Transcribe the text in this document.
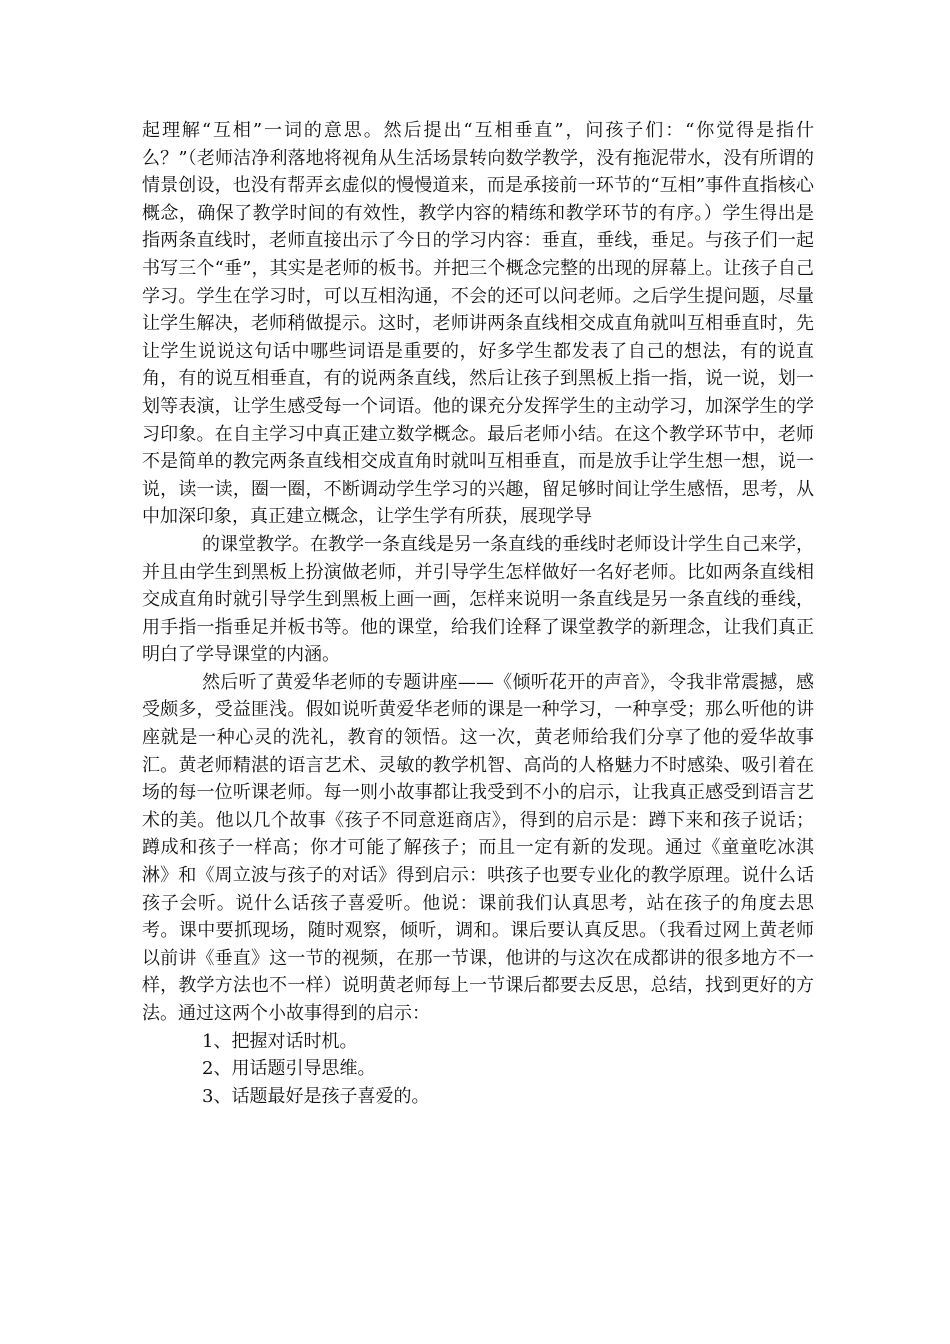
起理解“互相”一词的意思。然后提出“互相垂直”，问孩子们：“你觉得是指什么？”（老师洁净利落地将视角从生活场景转向数学教学，没有拖泥带水，没有所谓的情景创设，也没有帮弄玄虚似的慢慢道来，而是承接前一环节的“互相”事件直指核心概念，确保了教学时间的有效性，教学内容的精练和教学环节的有序。）学生得出是指两条直线时，老师直接出示了今日的学习内容：垂直，垂线，垂足。与孩子们一起书写三个“垂”，其实是老师的板书。并把三个概念完整的出现的屏幕上。让孩子自己学习。学生在学习时，可以互相沟通，不会的还可以问老师。之后学生提问题，尽量让学生解决，老师稍做提示。这时，老师讲两条直线相交成直角就叫互相垂直时，先让学生说说这句话中哪些词语是重要的，好多学生都发表了自己的想法，有的说直角，有的说互相垂直，有的说两条直线，然后让孩子到黑板上指一指，说一说，划一划等表演，让学生感受每一个词语。他的课充分发挥学生的主动学习，加深学生的学习印象。在自主学习中真正建立数学概念。最后老师小结。在这个教学环节中，老师不是简单的教完两条直线相交成直角时就叫互相垂直，而是放手让学生想一想，说一说，读一读，圈一圈，不断调动学生学习的兴趣，留足够时间让学生感悟，思考，从中加深印象，真正建立概念，让学生学有所获，展现学导

的课堂教学。在教学一条直线是另一条直线的垂线时老师设计学生自己来学，并且由学生到黑板上扮演做老师，并引导学生怎样做好一名好老师。比如两条直线相交成直角时就引导学生到黑板上画一画，怎样来说明一条直线是另一条直线的垂线，用手指一指垂足并板书等。他的课堂，给我们诠释了课堂教学的新理念，让我们真正明白了学导课堂的内涵。

然后听了黄爱华老师的专题讲座——《倾听花开的声音》，令我非常震撼，感受颇多，受益匪浅。假如说听黄爱华老师的课是一种学习，一种享受；那么听他的讲座就是一种心灵的洗礼，教育的领悟。这一次，黄老师给我们分享了他的爱华故事汇。黄老师精湛的语言艺术、灵敏的教学机智、高尚的人格魅力不时感染、吸引着在场的每一位听课老师。每一则小故事都让我受到不小的启示，让我真正感受到语言艺术的美。他以几个故事《孩子不同意逛商店》，得到的启示是：蹲下来和孩子说话；蹲成和孩子一样高；你才可能了解孩子；而且一定有新的发现。通过《童童吃冰淇淋》和《周立波与孩子的对话》得到启示：哄孩子也要专业化的教学原理。说什么话孩子会听。说什么话孩子喜爱听。他说：课前我们认真思考，站在孩子的角度去思考。课中要抓现场，随时观察，倾听，调和。课后要认真反思。（我看过网上黄老师以前讲《垂直》这一节的视频，在那一节课，他讲的与这次在成都讲的很多地方不一样，教学方法也不一样）说明黄老师每上一节课后都要去反思，总结，找到更好的方法。通过这两个小故事得到的启示：

1、把握对话时机。

2、用话题引导思维。

3、话题最好是孩子喜爱的。
